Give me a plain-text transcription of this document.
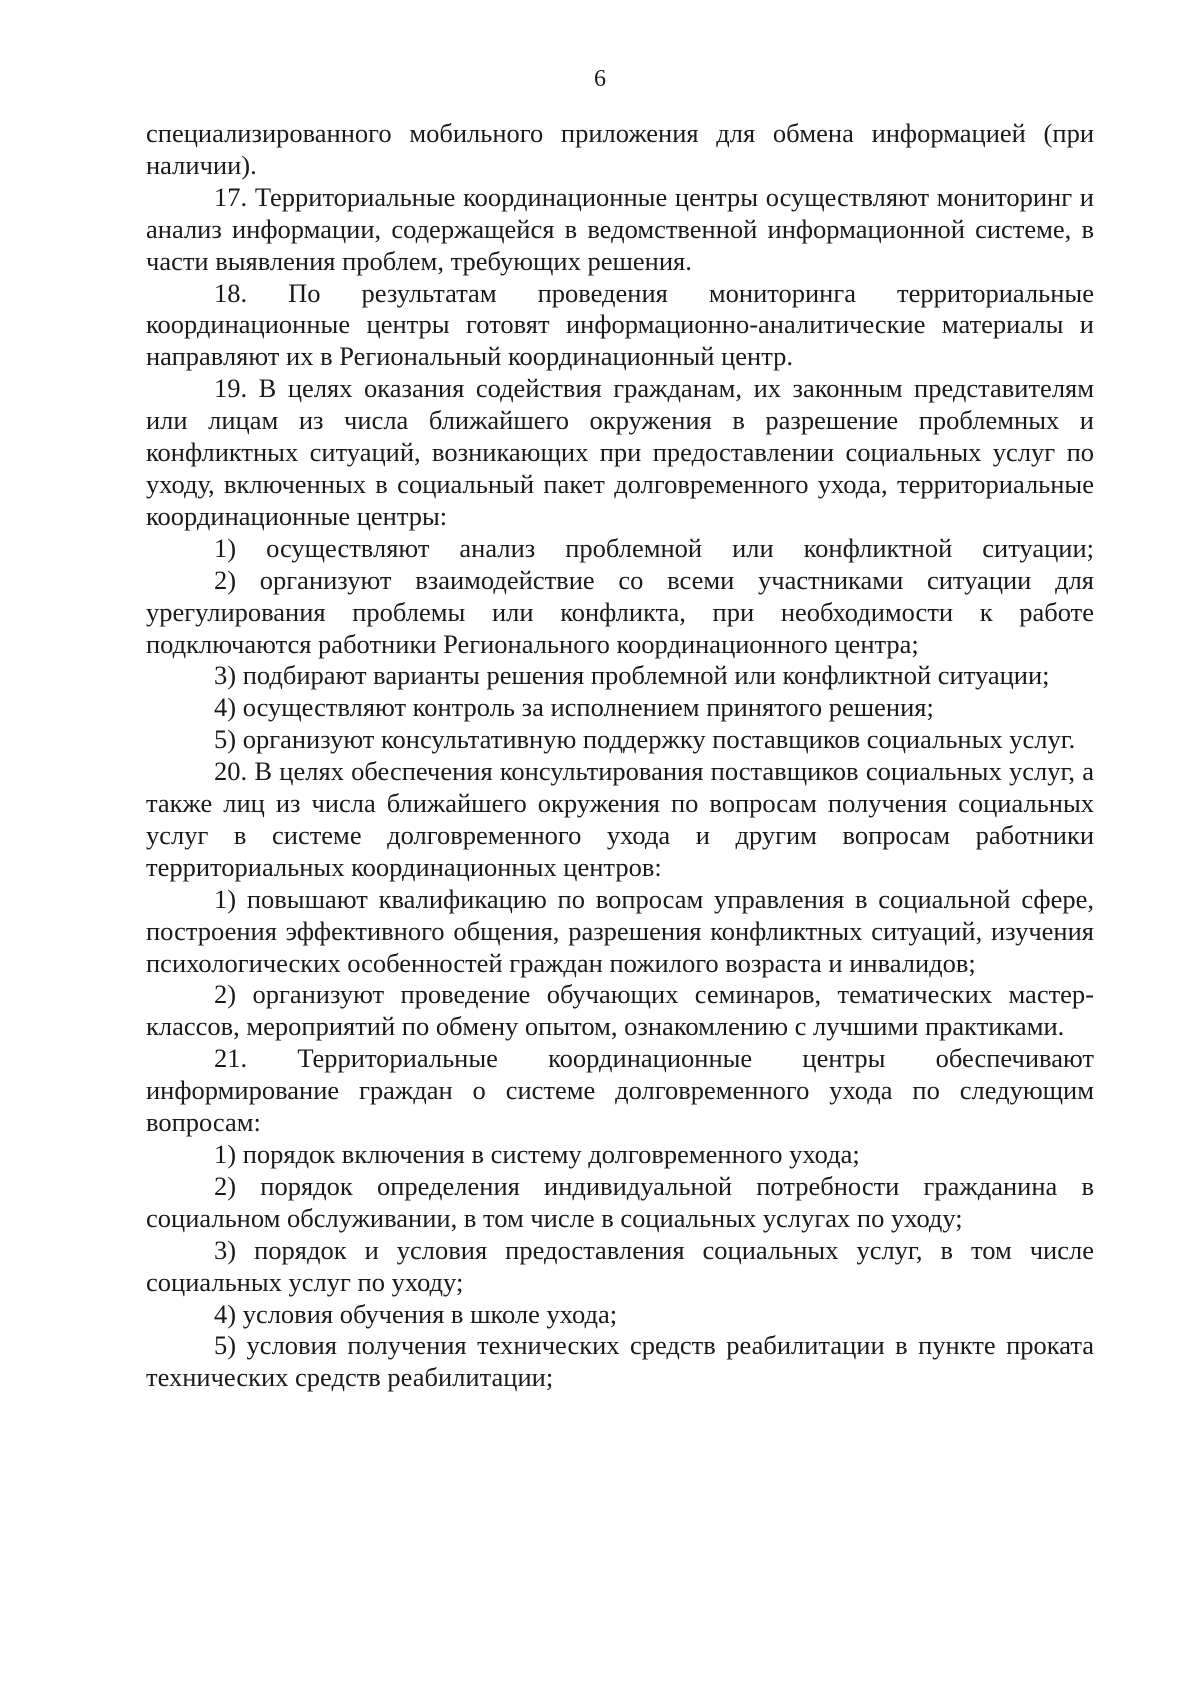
6

специализированного мобильного приложения для обмена информацией (при наличии).

17. Территориальные координационные центры осуществляют мониторинг и анализ информации, содержащейся в ведомственной информационной системе, в части выявления проблем, требующих решения.

18. По результатам проведения мониторинга территориальные координационные центры готовят информационно-аналитические материалы и направляют их в Региональный координационный центр.

19. В целях оказания содействия гражданам, их законным представителям или лицам из числа ближайшего окружения в разрешение проблемных и конфликтных ситуаций, возникающих при предоставлении социальных услуг по уходу, включенных в социальный пакет долговременного ухода, территориальные координационные центры:

1) осуществляют анализ проблемной или конфликтной ситуации;

2) организуют взаимодействие со всеми участниками ситуации для урегулирования проблемы или конфликта, при необходимости к работе подключаются работники Регионального координационного центра;

3) подбирают варианты решения проблемной или конфликтной ситуации;

4) осуществляют контроль за исполнением принятого решения;

5) организуют консультативную поддержку поставщиков социальных услуг.

20. В целях обеспечения консультирования поставщиков социальных услуг, а также лиц из числа ближайшего окружения по вопросам получения социальных услуг в системе долговременного ухода и другим вопросам работники территориальных координационных центров:

1) повышают квалификацию по вопросам управления в социальной сфере, построения эффективного общения, разрешения конфликтных ситуаций, изучения психологических особенностей граждан пожилого возраста и инвалидов;

2) организуют проведение обучающих семинаров, тематических мастер-классов, мероприятий по обмену опытом, ознакомлению с лучшими практиками.

21. Территориальные координационные центры обеспечивают информирование граждан о системе долговременного ухода по следующим вопросам:

1) порядок включения в систему долговременного ухода;

2) порядок определения индивидуальной потребности гражданина в социальном обслуживании, в том числе в социальных услугах по уходу;

3) порядок и условия предоставления социальных услуг, в том числе социальных услуг по уходу;

4) условия обучения в школе ухода;

5) условия получения технических средств реабилитации в пункте проката технических средств реабилитации;
